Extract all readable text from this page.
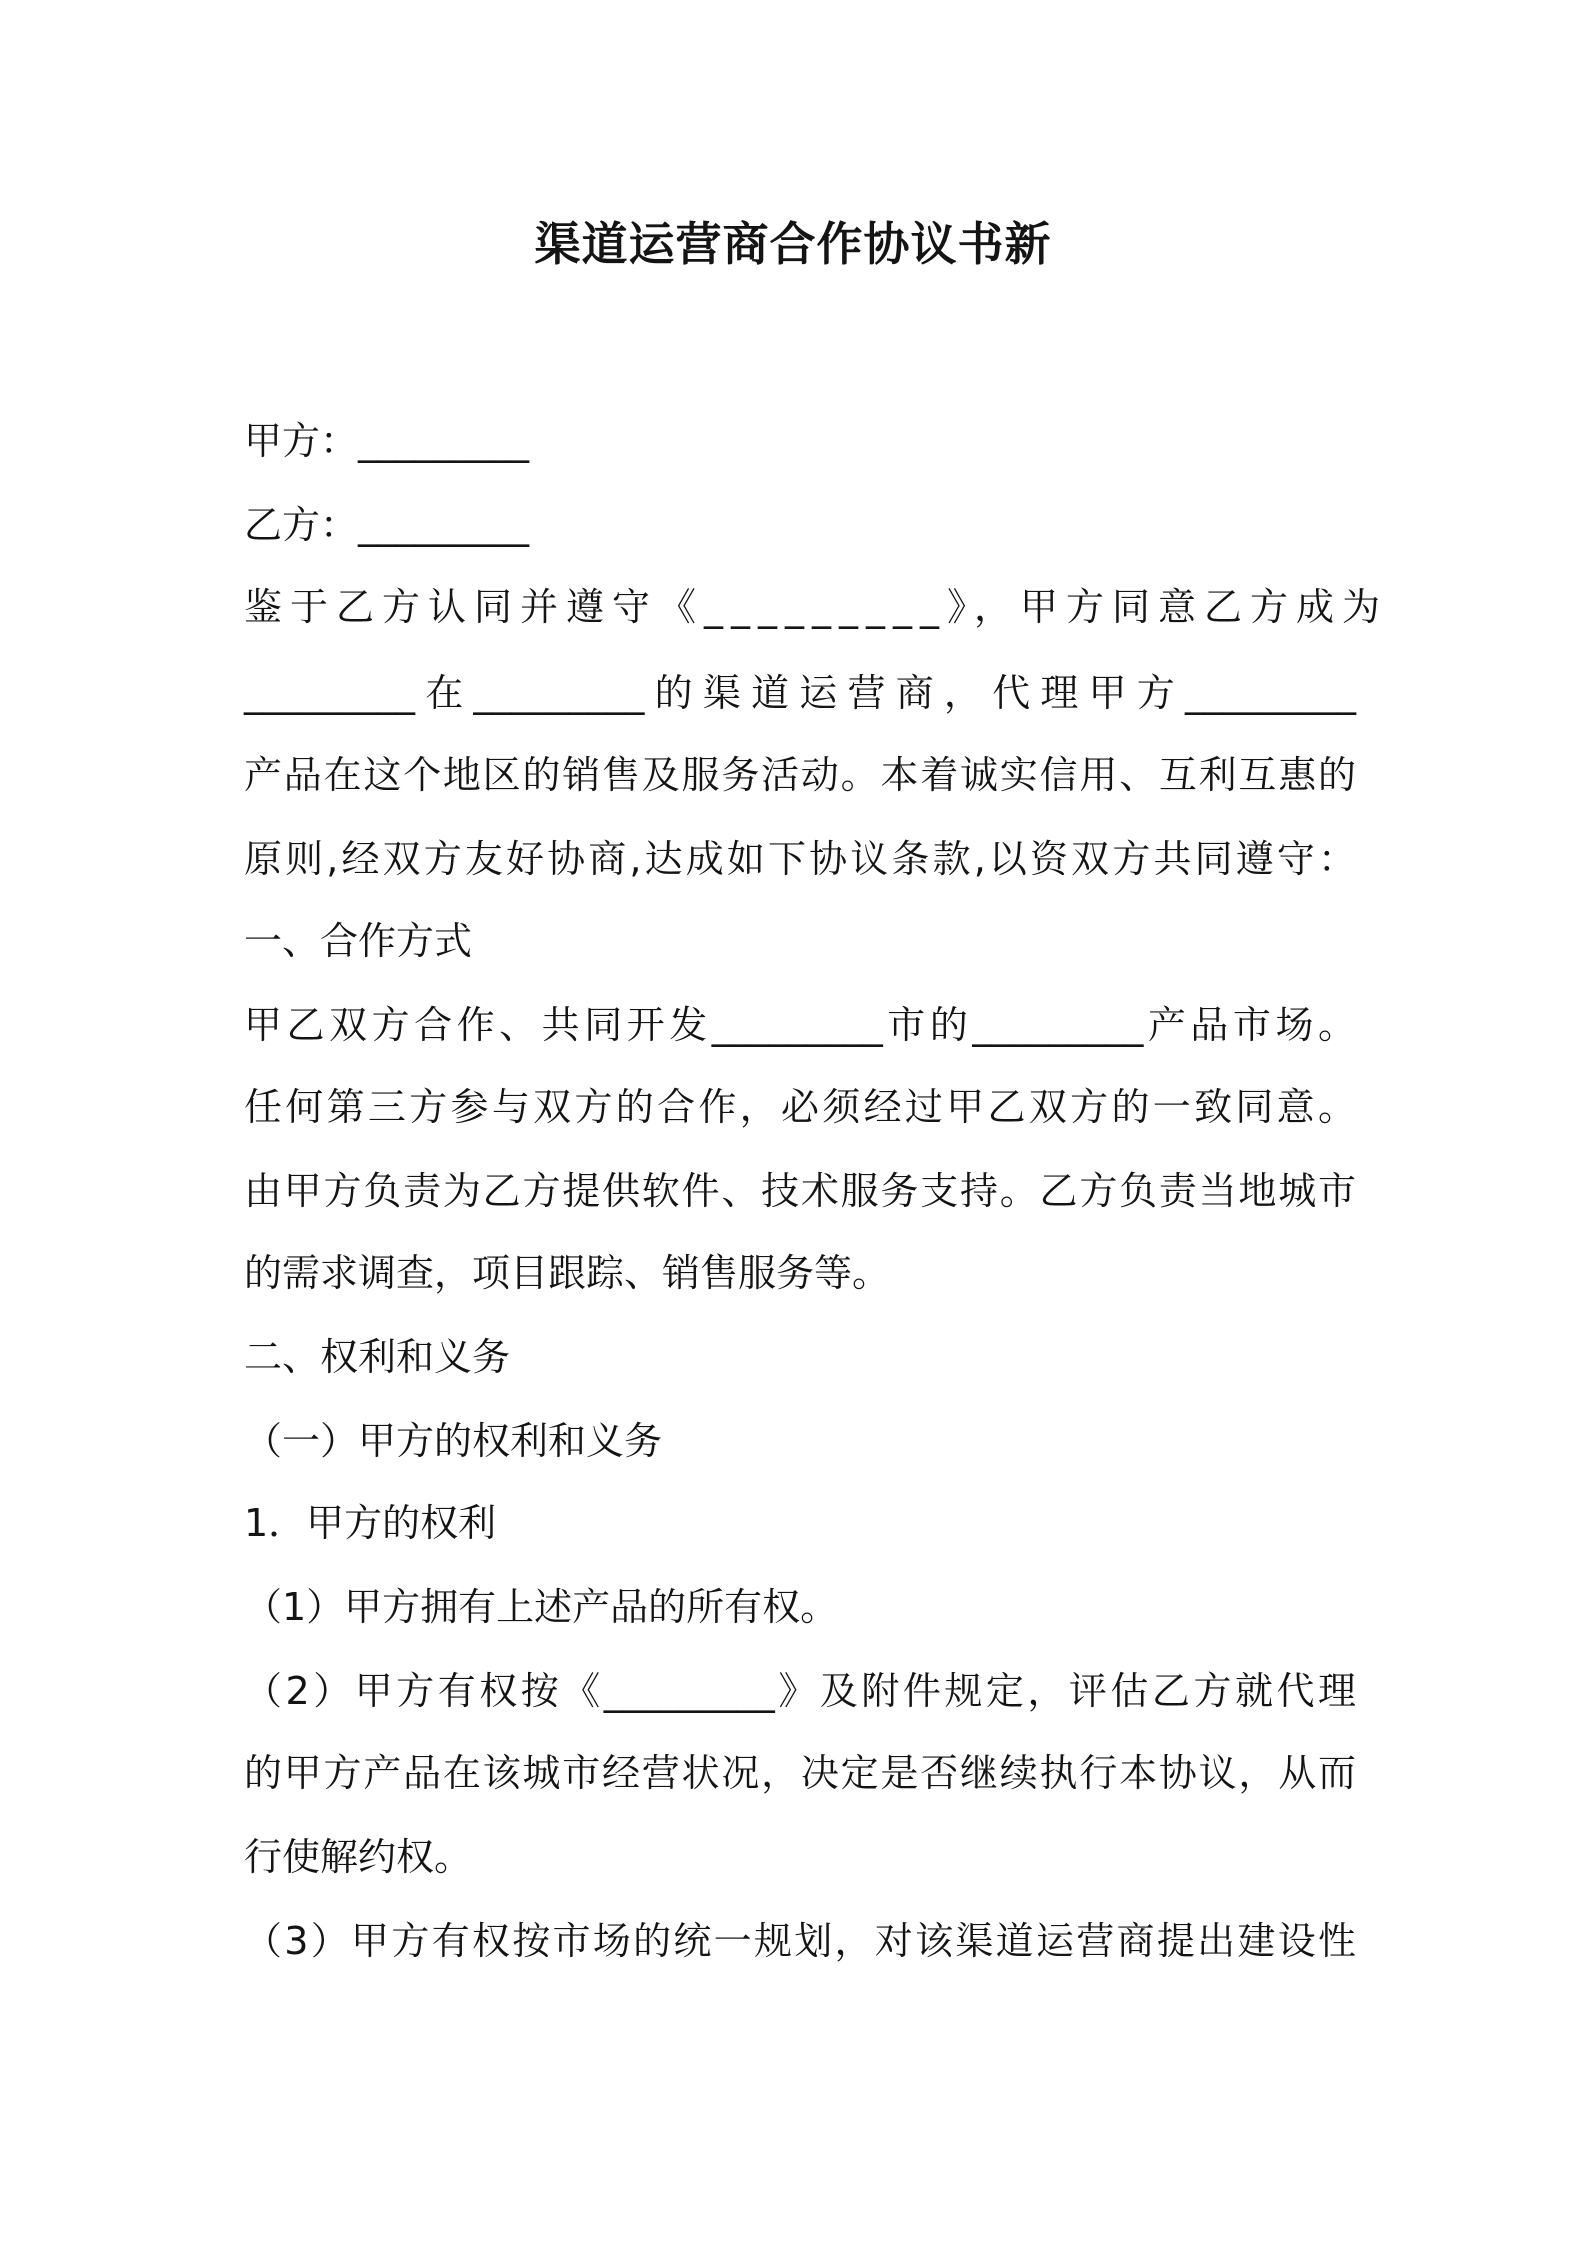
渠道运营商合作协议书新
甲方：_________
乙方：_________
鉴于乙方认同并遵守《_________》，甲方同意乙方成为
_________在_________的渠道运营商，代理甲方_________
产品在这个地区的销售及服务活动。本着诚实信用、互利互惠的
原则,经双方友好协商,达成如下协议条款,以资双方共同遵守：
一、合作方式
甲乙双方合作、共同开发_________市的_________产品市场。
任何第三方参与双方的合作，必须经过甲乙双方的一致同意。
由甲方负责为乙方提供软件、技术服务支持。乙方负责当地城市
的需求调查，项目跟踪、销售服务等。
二、权利和义务
（一）甲方的权利和义务
1．甲方的权利
（1）甲方拥有上述产品的所有权。
（2）甲方有权按《_________》及附件规定，评估乙方就代理
的甲方产品在该城市经营状况，决定是否继续执行本协议，从而
行使解约权。
（3）甲方有权按市场的统一规划，对该渠道运营商提出建设性
